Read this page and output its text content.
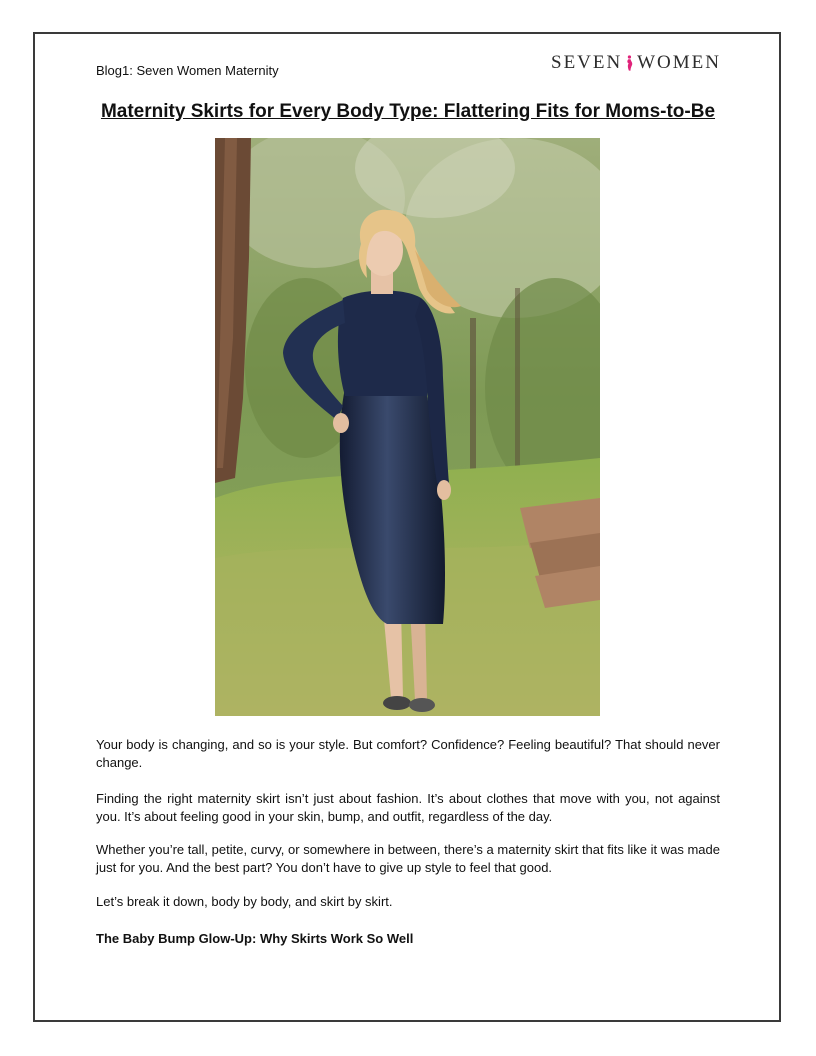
Blog1: Seven Women Maternity	SEVEN WOMEN
Maternity Skirts for Every Body Type: Flattering Fits for Moms-to-Be
Your body is changing, and so is your style. But comfort? Confidence? Feeling beautiful? That should never change.
Finding the right maternity skirt isn’t just about fashion. It’s about clothes that move with you, not against you. It’s about feeling good in your skin, bump, and outfit, regardless of the day.
Whether you’re tall, petite, curvy, or somewhere in between, there’s a maternity skirt that fits like it was made just for you. And the best part? You don’t have to give up style to feel that good.
Let’s break it down, body by body, and skirt by skirt.
The Baby Bump Glow-Up: Why Skirts Work So Well
